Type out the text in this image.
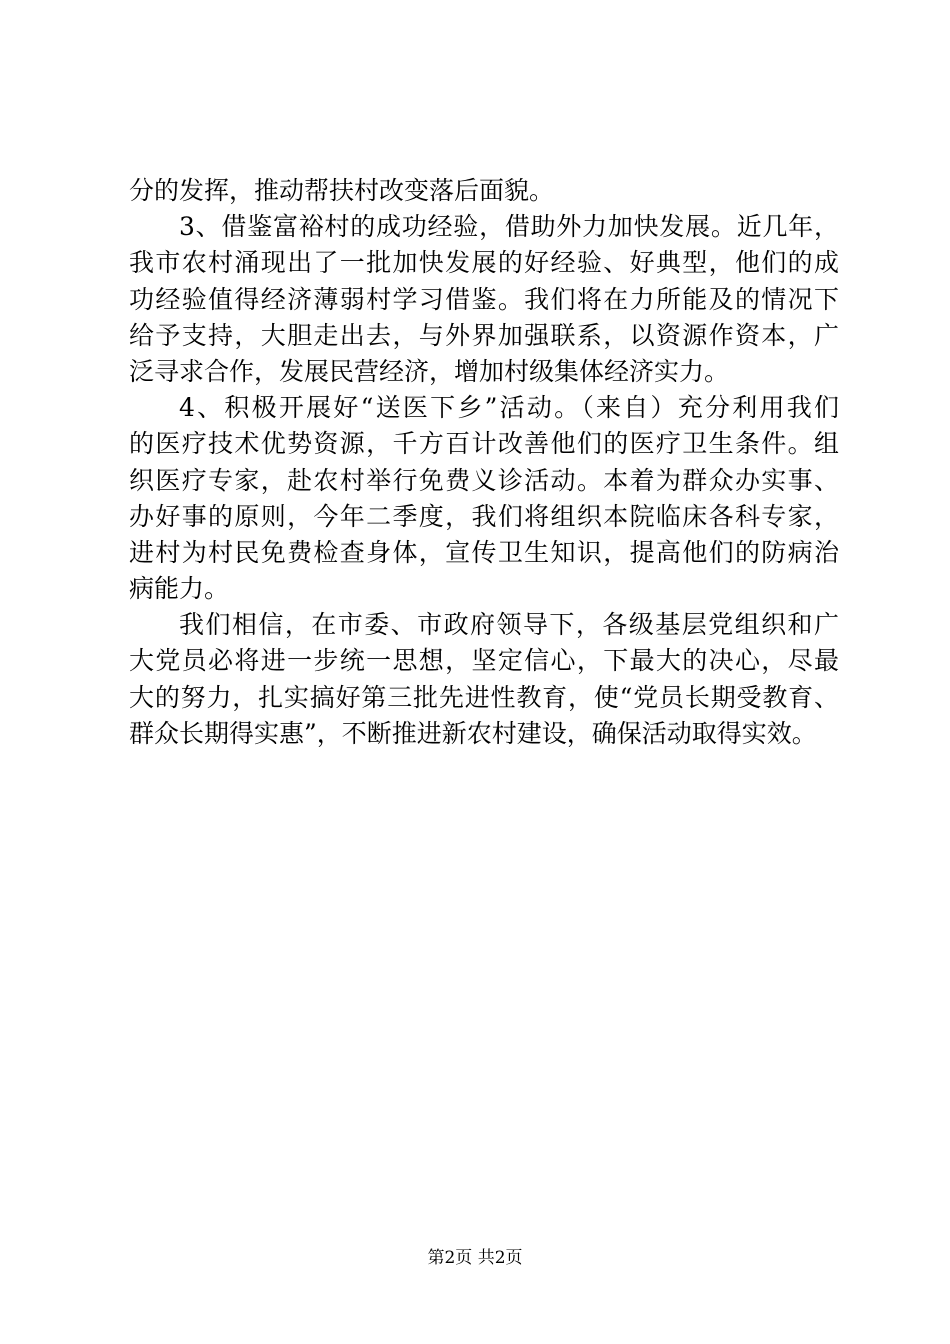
分的发挥，推动帮扶村改变落后面貌。
3、借鉴富裕村的成功经验，借助外力加快发展。近几年，
我市农村涌现出了一批加快发展的好经验、好典型，他们的成
功经验值得经济薄弱村学习借鉴。我们将在力所能及的情况下
给予支持，大胆走出去，与外界加强联系，以资源作资本，广
泛寻求合作，发展民营经济，增加村级集体经济实力。
4、积极开展好“送医下乡”活动。（来自）充分利用我们
的医疗技术优势资源，千方百计改善他们的医疗卫生条件。组
织医疗专家，赴农村举行免费义诊活动。本着为群众办实事、
办好事的原则，今年二季度，我们将组织本院临床各科专家，
进村为村民免费检查身体，宣传卫生知识，提高他们的防病治
病能力。
我们相信，在市委、市政府领导下，各级基层党组织和广
大党员必将进一步统一思想，坚定信心，下最大的决心，尽最
大的努力，扎实搞好第三批先进性教育，使“党员长期受教育、
群众长期得实惠”，不断推进新农村建设，确保活动取得实效。
第2页 共2页
